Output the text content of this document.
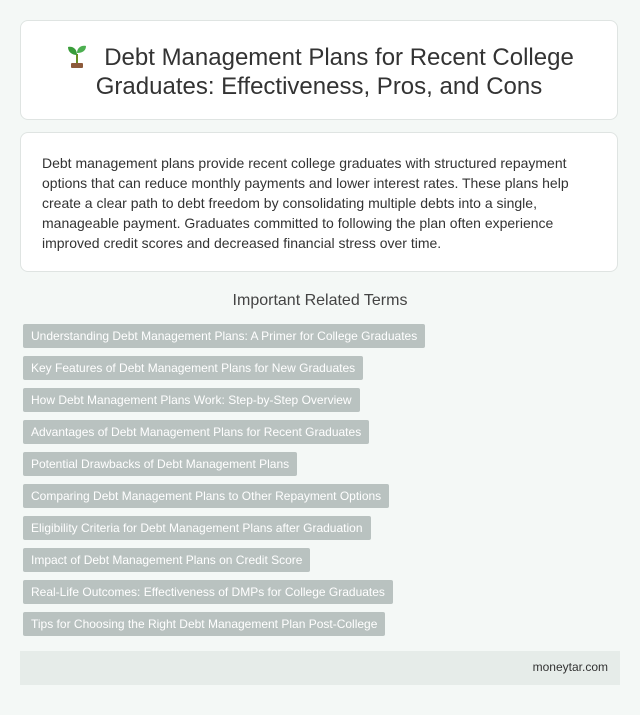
Debt Management Plans for Recent College Graduates: Effectiveness, Pros, and Cons

Debt management plans provide recent college graduates with structured repayment options that can reduce monthly payments and lower interest rates. These plans help create a clear path to debt freedom by consolidating multiple debts into a single, manageable payment. Graduates committed to following the plan often experience improved credit scores and decreased financial stress over time.

Important Related Terms
Understanding Debt Management Plans: A Primer for College Graduates
Key Features of Debt Management Plans for New Graduates
How Debt Management Plans Work: Step-by-Step Overview
Advantages of Debt Management Plans for Recent Graduates
Potential Drawbacks of Debt Management Plans
Comparing Debt Management Plans to Other Repayment Options
Eligibility Criteria for Debt Management Plans after Graduation
Impact of Debt Management Plans on Credit Score
Real-Life Outcomes: Effectiveness of DMPs for College Graduates
Tips for Choosing the Right Debt Management Plan Post-College
moneytar.com
